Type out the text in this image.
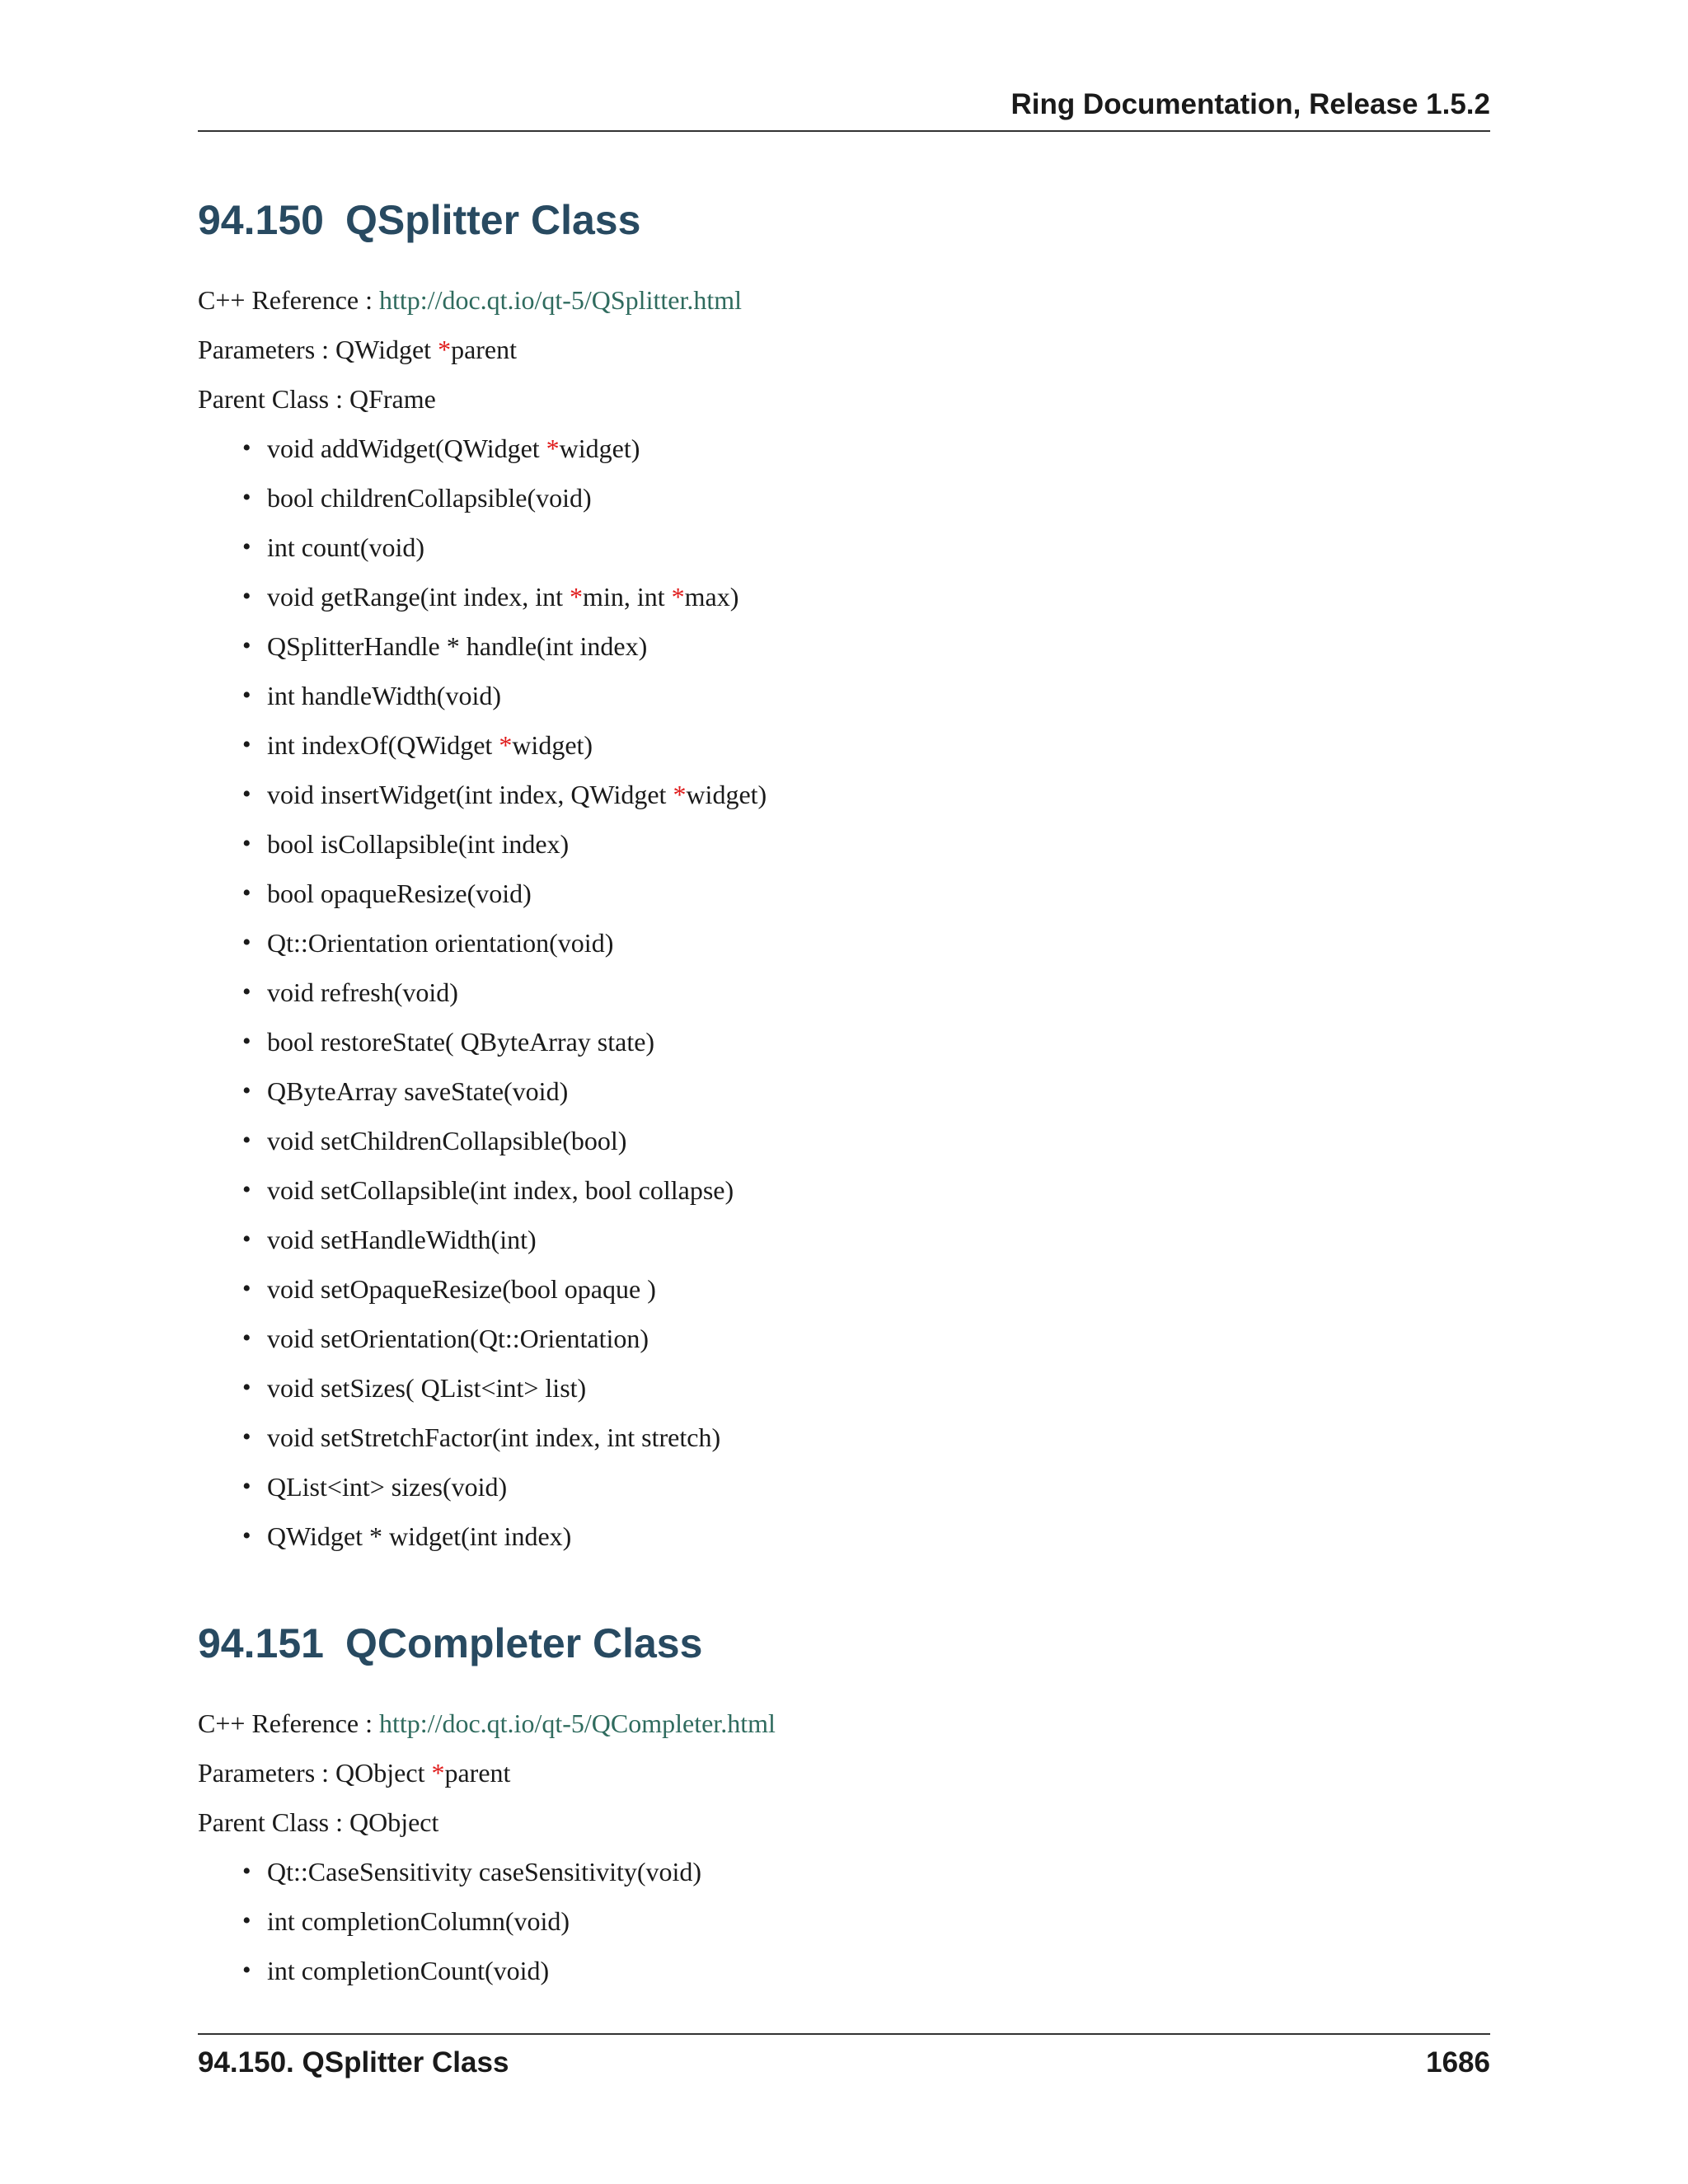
Ring Documentation, Release 1.5.2
94.150 QSplitter Class
C++ Reference : http://doc.qt.io/qt-5/QSplitter.html
Parameters : QWidget *parent
Parent Class : QFrame
• void addWidget(QWidget *widget)
• bool childrenCollapsible(void)
• int count(void)
• void getRange(int index, int *min, int *max)
• QSplitterHandle * handle(int index)
• int handleWidth(void)
• int indexOf(QWidget *widget)
• void insertWidget(int index, QWidget *widget)
• bool isCollapsible(int index)
• bool opaqueResize(void)
• Qt::Orientation orientation(void)
• void refresh(void)
• bool restoreState( QByteArray state)
• QByteArray saveState(void)
• void setChildrenCollapsible(bool)
• void setCollapsible(int index, bool collapse)
• void setHandleWidth(int)
• void setOpaqueResize(bool opaque )
• void setOrientation(Qt::Orientation)
• void setSizes( QList<int> list)
• void setStretchFactor(int index, int stretch)
• QList<int> sizes(void)
• QWidget * widget(int index)
94.151 QCompleter Class
C++ Reference : http://doc.qt.io/qt-5/QCompleter.html
Parameters : QObject *parent
Parent Class : QObject
• Qt::CaseSensitivity caseSensitivity(void)
• int completionColumn(void)
• int completionCount(void)
94.150. QSplitter Class	1686
